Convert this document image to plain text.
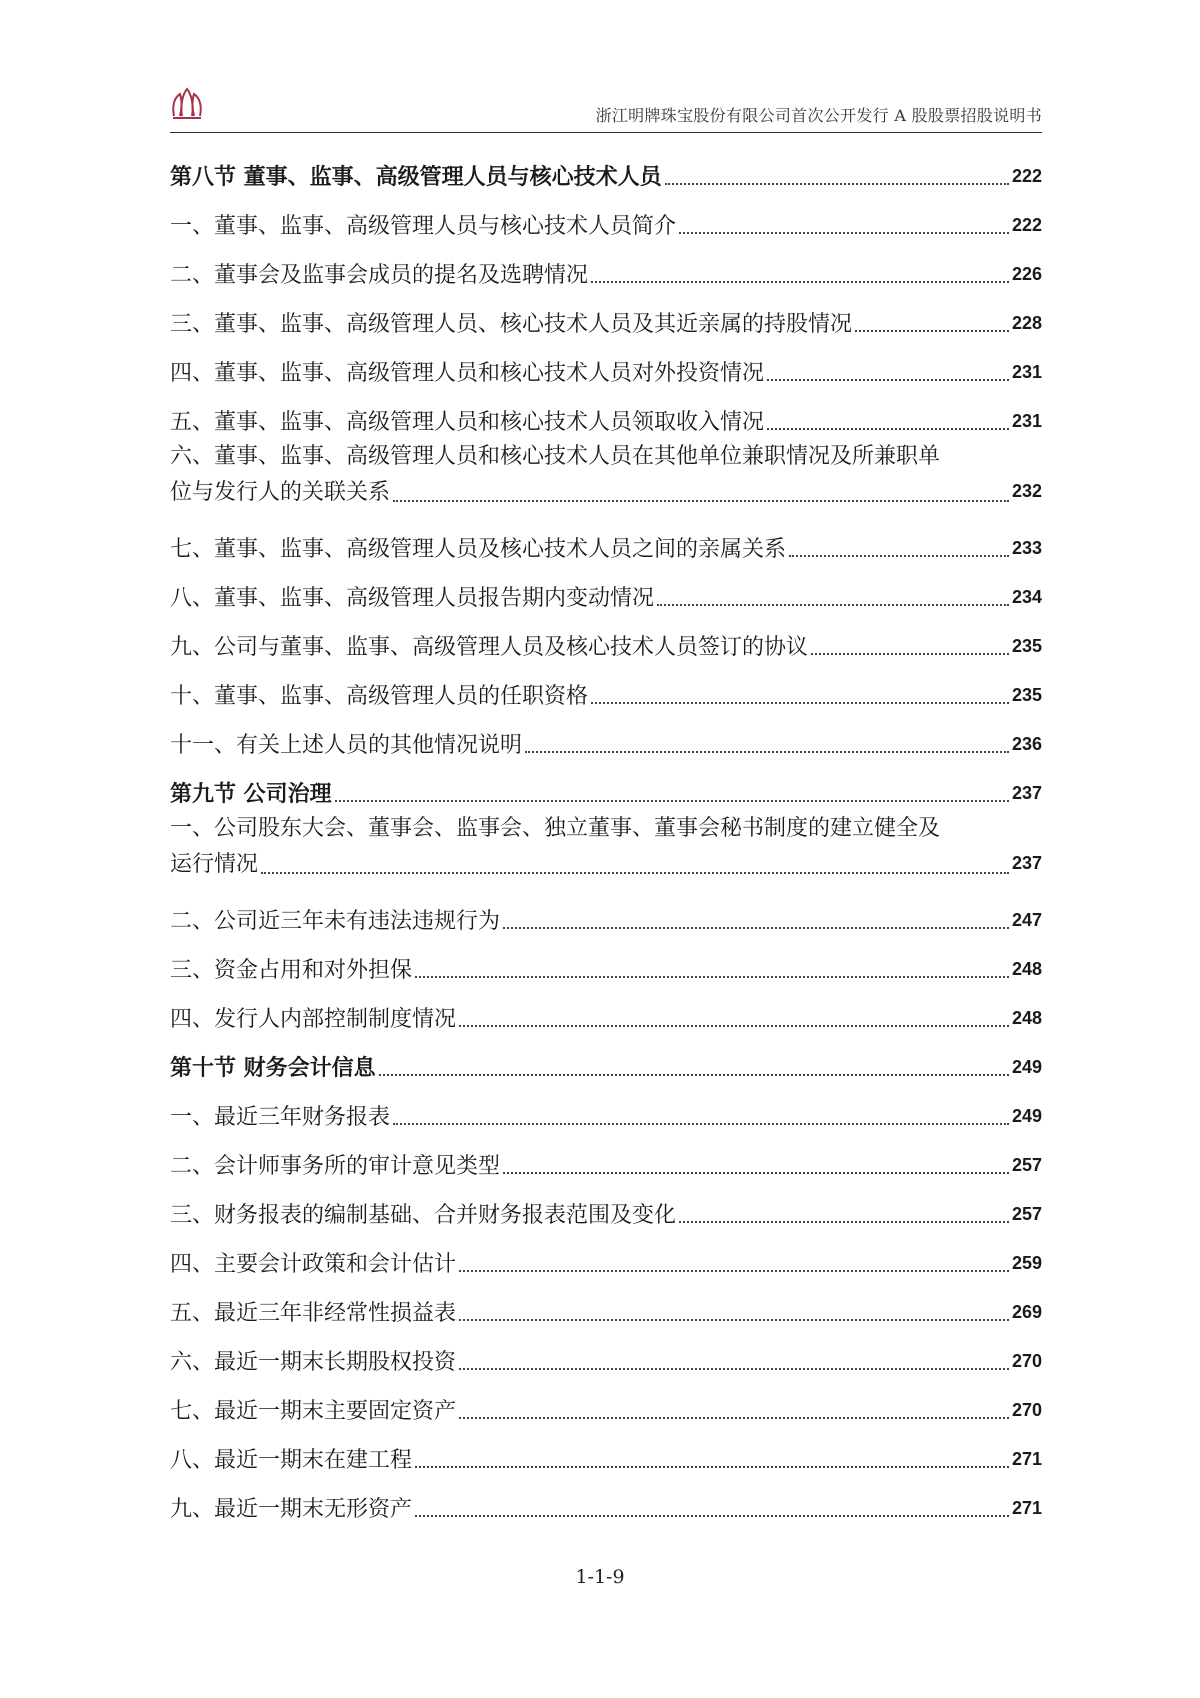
浙江明牌珠宝股份有限公司首次公开发行 A 股股票招股说明书
第八节 董事、监事、高级管理人员与核心技术人员	222
一、董事、监事、高级管理人员与核心技术人员简介	222
二、董事会及监事会成员的提名及选聘情况	226
三、董事、监事、高级管理人员、核心技术人员及其近亲属的持股情况	228
四、董事、监事、高级管理人员和核心技术人员对外投资情况	231
五、董事、监事、高级管理人员和核心技术人员领取收入情况	231
六、董事、监事、高级管理人员和核心技术人员在其他单位兼职情况及所兼职单
位与发行人的关联关系	232
七、董事、监事、高级管理人员及核心技术人员之间的亲属关系	233
八、董事、监事、高级管理人员报告期内变动情况	234
九、公司与董事、监事、高级管理人员及核心技术人员签订的协议	235
十、董事、监事、高级管理人员的任职资格	235
十一、有关上述人员的其他情况说明	236
第九节 公司治理	237
一、公司股东大会、董事会、监事会、独立董事、董事会秘书制度的建立健全及
运行情况	237
二、公司近三年未有违法违规行为	247
三、资金占用和对外担保	248
四、发行人内部控制制度情况	248
第十节 财务会计信息	249
一、最近三年财务报表	249
二、会计师事务所的审计意见类型	257
三、财务报表的编制基础、合并财务报表范围及变化	257
四、主要会计政策和会计估计	259
五、最近三年非经常性损益表	269
六、最近一期末长期股权投资	270
七、最近一期末主要固定资产	270
八、最近一期末在建工程	271
九、最近一期末无形资产	271
1-1-9
